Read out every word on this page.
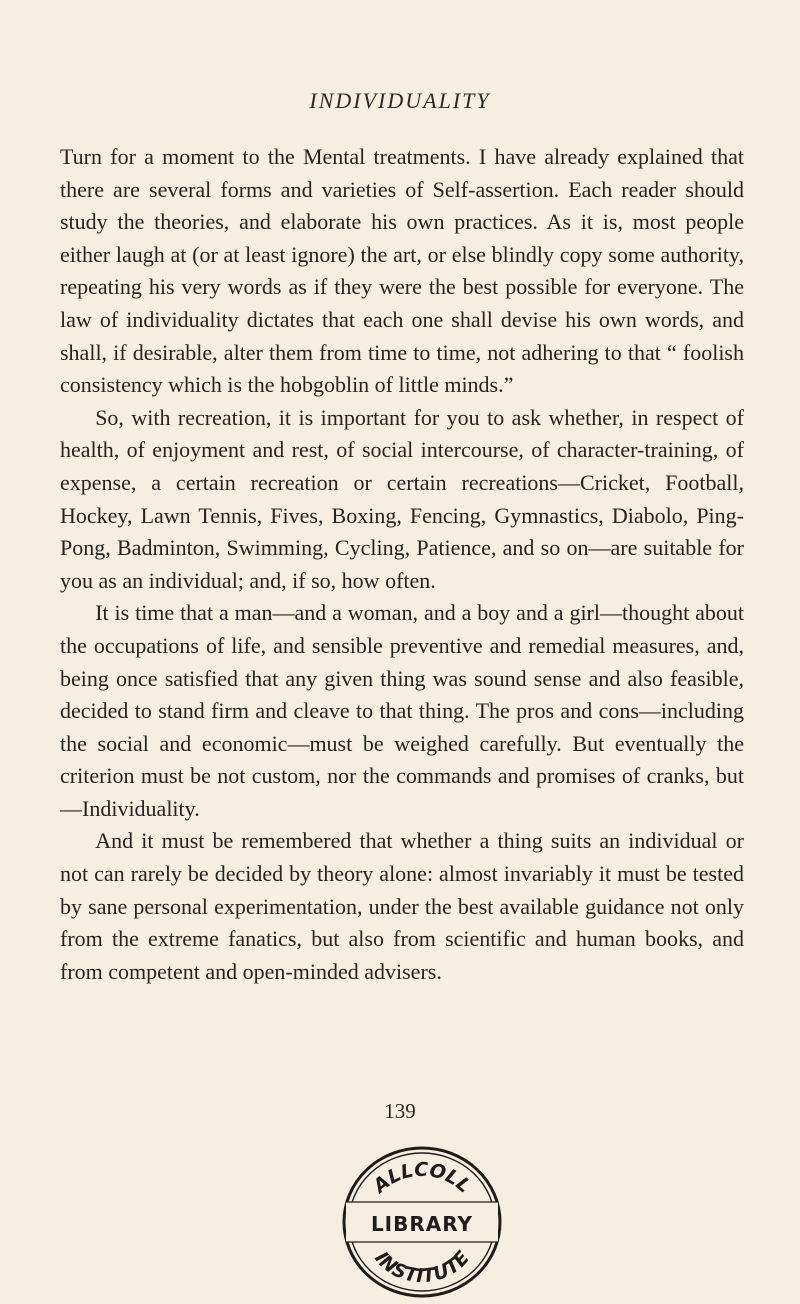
INDIVIDUALITY

Turn for a moment to the Mental treatments. I have already explained that there are several forms and varieties of Self-assertion. Each reader should study the theories, and elaborate his own practices. As it is, most people either laugh at (or at least ignore) the art, or else blindly copy some authority, repeating his very words as if they were the best possible for everyone. The law of individuality dictates that each one shall devise his own words, and shall, if desirable, alter them from time to time, not adhering to that “ foolish consistency which is the hobgoblin of little minds.”

So, with recreation, it is important for you to ask whether, in respect of health, of enjoyment and rest, of social intercourse, of character-training, of expense, a certain recreation or certain recreations—Cricket, Football, Hockey, Lawn Tennis, Fives, Boxing, Fencing, Gymnastics, Diabolo, Ping-Pong, Badminton, Swimming, Cycling, Patience, and so on—are suitable for you as an individual; and, if so, how often.

It is time that a man—and a woman, and a boy and a girl—thought about the occupations of life, and sensible preventive and remedial measures, and, being once satisfied that any given thing was sound sense and also feasible, decided to stand firm and cleave to that thing. The pros and cons—including the social and economic—must be weighed carefully. But eventually the criterion must be not custom, nor the commands and promises of cranks, but—Individuality.

And it must be remembered that whether a thing suits an individual or not can rarely be decided by theory alone: almost invariably it must be tested by sane personal experimentation, under the best available guidance not only from the extreme fanatics, but also from scientific and human books, and from competent and open-minded advisers.

139
ALLCOLL
INSTITUTE
LIBRARY
